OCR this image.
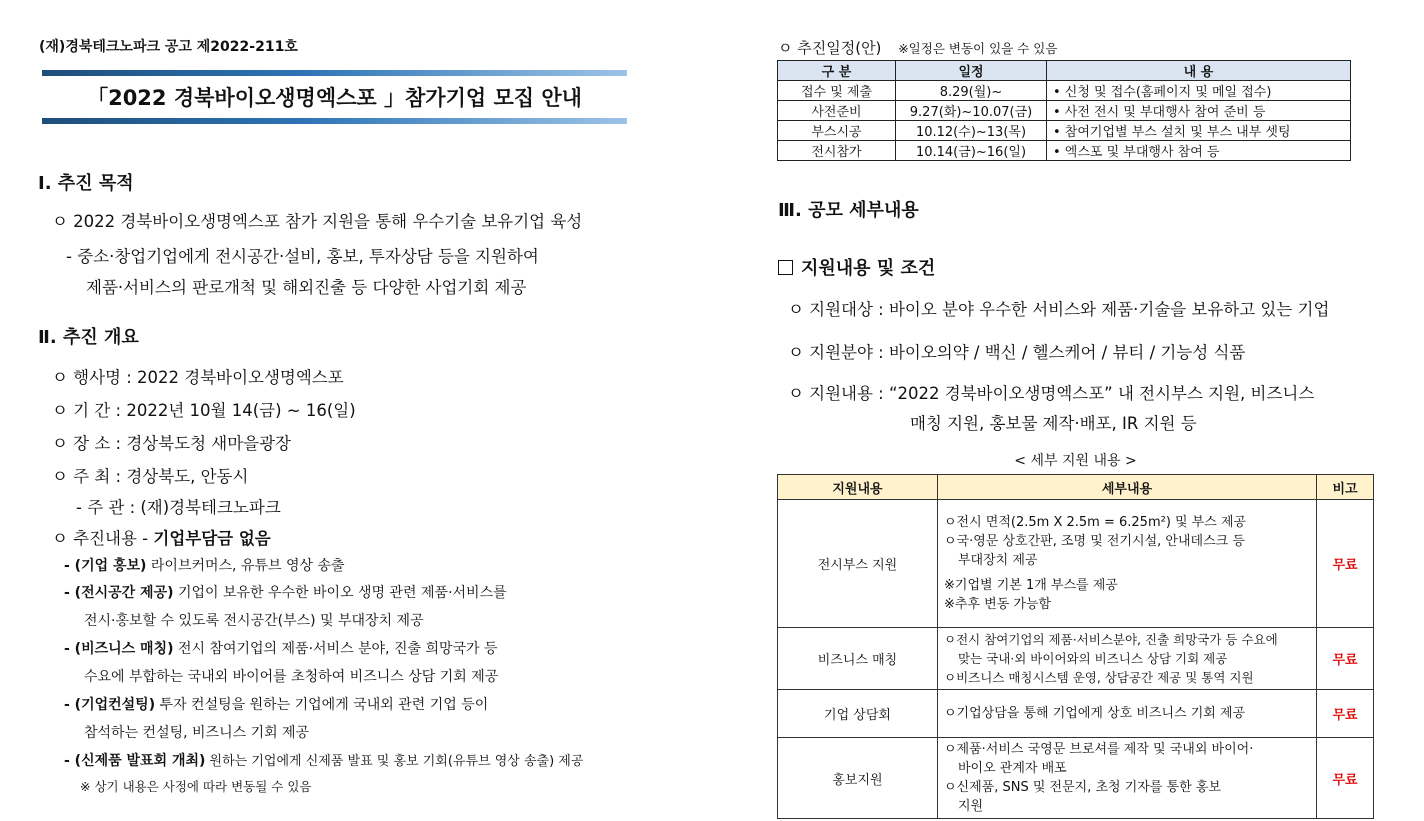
(재)경북테크노파크 공고 제2022-211호
「2022 경북바이오생명엑스포 」참가기업 모집 안내
Ⅰ. 추진 목적
ㅇ 2022 경북바이오생명엑스포 참가 지원을 통해 우수기술 보유기업 육성
- 중소·창업기업에게 전시공간·설비, 홍보, 투자상담 등을 지원하여
제품·서비스의 판로개척 및 해외진출 등 다양한 사업기회 제공
Ⅱ. 추진 개요
ㅇ 행사명 : 2022 경북바이오생명엑스포
ㅇ 기 간 : 2022년 10월 14(금) ~ 16(일)
ㅇ 장 소 : 경상북도청 새마을광장
ㅇ 주 최 : 경상북도, 안동시
- 주 관 : (재)경북테크노파크
ㅇ 추진내용 - 기업부담금 없음
- (기업 홍보) 라이브커머스, 유튜브 영상 송출
- (전시공간 제공) 기업이 보유한 우수한 바이오 생명 관련 제품·서비스를
전시·홍보할 수 있도록 전시공간(부스) 및 부대장치 제공
- (비즈니스 매칭) 전시 참여기업의 제품·서비스 분야, 진출 희망국가 등
수요에 부합하는 국내외 바이어를 초청하여 비즈니스 상담 기회 제공
- (기업컨설팅) 투자 컨설팅을 원하는 기업에게 국내외 관련 기업 등이
참석하는 컨설팅, 비즈니스 기회 제공
- (신제품 발표회 개최) 원하는 기업에게 신제품 발표 및 홍보 기회(유튜브 영상 송출) 제공
※ 상기 내용은 사정에 따라 변동될 수 있음
ㅇ 추진일정(안) ※일정은 변동이 있을 수 있음
구 분	일정	내 용
접수 및 제출	8.29(월)~	• 신청 및 접수(홈페이지 및 메일 접수)
사전준비	9.27(화)~10.07(금)	• 사전 전시 및 부대행사 참여 준비 등
부스시공	10.12(수)~13(목)	• 참여기업별 부스 설치 및 부스 내부 셋팅
전시참가	10.14(금)~16(일)	• 엑스포 및 부대행사 참여 등
Ⅲ. 공모 세부내용
지원내용 및 조건
ㅇ 지원대상 : 바이오 분야 우수한 서비스와 제품·기술을 보유하고 있는 기업
ㅇ 지원분야 : 바이오의약 / 백신 / 헬스케어 / 뷰티 / 기능성 식품
ㅇ 지원내용 : “2022 경북바이오생명엑스포” 내 전시부스 지원, 비즈니스
매칭 지원, 홍보물 제작·배포, IR 지원 등
< 세부 지원 내용 >
지원내용	세부내용	비고
전시부스 지원	ㅇ전시 면적(2.5m X 2.5m = 6.25m²) 및 부스 제공
ㅇ국·영문 상호간판, 조명 및 전기시설, 안내데스크 등
부대장치 제공
※기업별 기본 1개 부스를 제공
※추후 변동 가능함	무료
비즈니스 매칭	ㅇ전시 참여기업의 제품·서비스분야, 진출 희망국가 등 수요에
맞는 국내·외 바이어와의 비즈니스 상담 기회 제공
ㅇ비즈니스 매칭시스템 운영, 상담공간 제공 및 통역 지원	무료
기업 상담회	ㅇ기업상담을 통해 기업에게 상호 비즈니스 기회 제공	무료
홍보지원	ㅇ제품·서비스 국영문 브로셔를 제작 및 국내외 바이어·
바이오 관계자 배포
ㅇ신제품, SNS 및 전문지, 초청 기자를 통한 홍보
지원	무료
